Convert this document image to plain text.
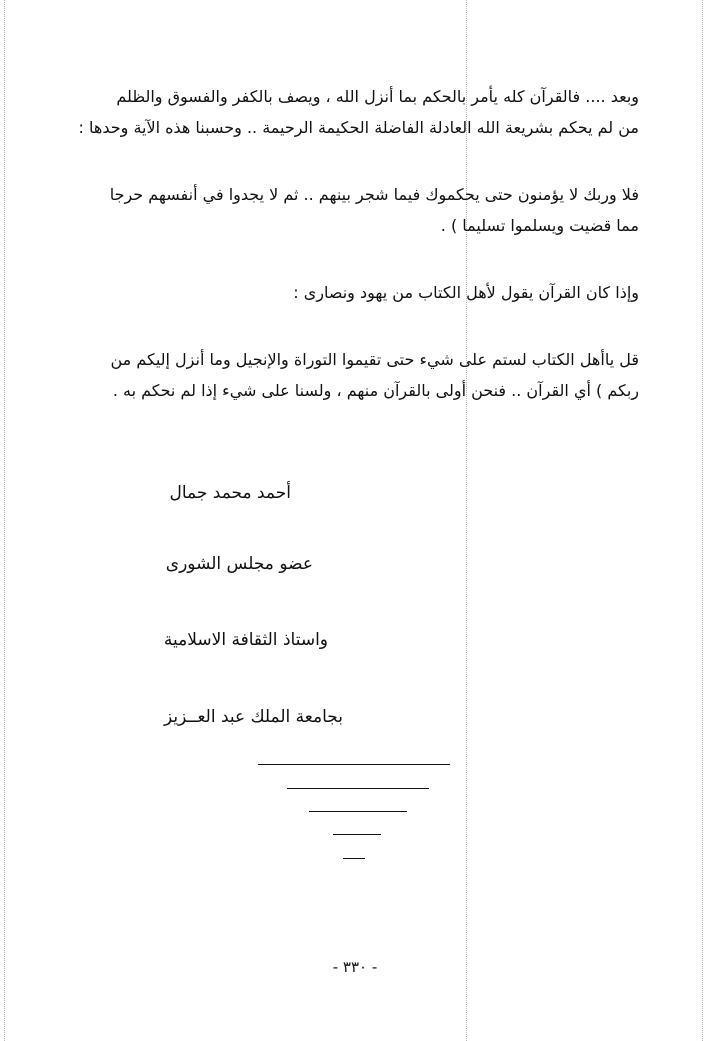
وبعد .... فالقرآن كله يأمر بالحكم بما أنزل الله ، ويصف بالكفر والفسوق والظلم
من لم يحكم بشريعة الله العادلة الفاضلة الحكيمة الرحيمة .. وحسبنا هذه الآية وحدها :
فلا وربك لا يؤمنون حتى يحكموك فيما شجر بينهم .. ثم لا يجدوا في أنفسهم حرجا
مما قضيت ويسلموا تسليما ) .
وإذا كان القرآن يقول لأهل الكتاب من يهود ونصارى :
قل ياأهل الكتاب لستم على شيء حتى تقيموا التوراة والإنجيل وما أنزل إليكم من
ربكم ) أي القرآن .. فنحن أولى بالقرآن منهم ، ولسنا على شيء إذا لم نحكم به .
أحمد محمد جمال
عضو مجلس الشورى
واستاذ الثقافة الاسلامية
بجامعة الملك عبد العــزيز
- ٣٣٠ -
